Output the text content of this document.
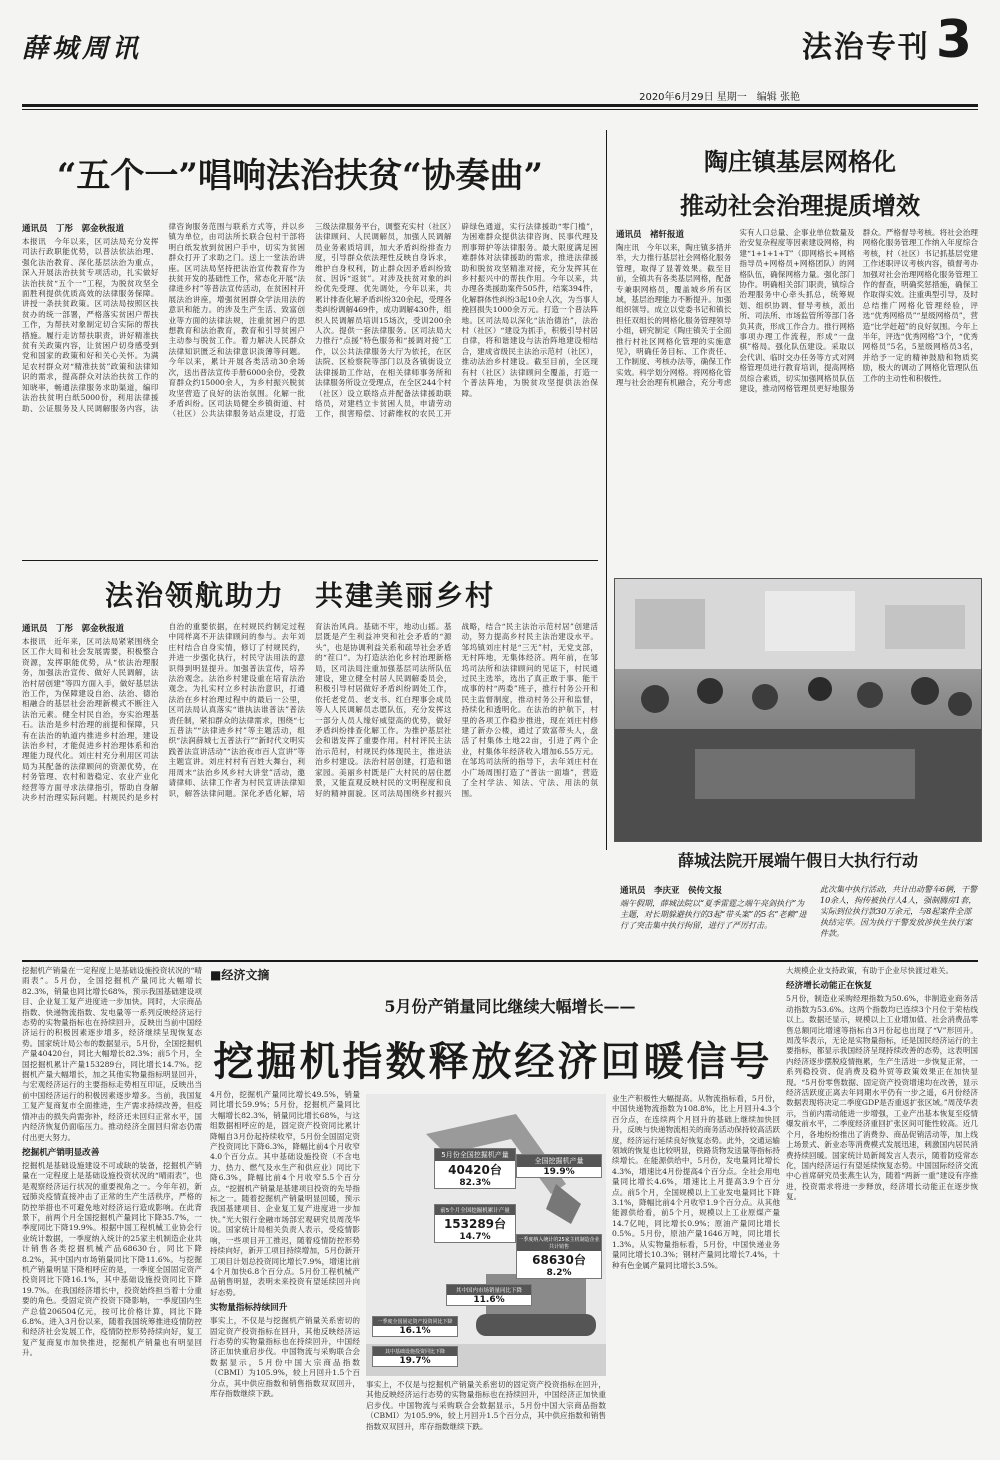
薛城周讯	法治专刊 3
2020年6月29日 星期一　编辑 张艳
“五个一”唱响法治扶贫“协奏曲”
通讯员　丁彤　郭金秋报道
本报讯　今年以来，区司法局充分发挥司法行政职能优势，以普法依法治理、强化法治教育、深化基层法治为重点，深入开展法治扶贫专项活动，扎实做好法治扶贫“五个一”工程，为脱贫攻坚全面胜利提供优质高效的法律服务保障。讲授一条扶贫政策。区司法局按照区扶贫办的统一部署，严格落实贫困户帮扶工作，为帮扶对象制定切合实际的帮扶措施。履行走访帮扶职责，讲好精准扶贫有关政策内容，让贫困户切身感受到党和国家的政策和好和关心关怀。为满足农村群众对“精准扶贫”政策和法律知识的需求，提高群众对法治扶贫工作的知晓率，畅通法律服务求助渠道，编印法治扶贫明白纸5000份，利用法律援助、公证服务及人民调解服务内容，法律咨询服务范围与联系方式等，并以乡镇为单位，由司法所长联合包村干部将明白纸发放到贫困户手中，切实为贫困群众打开了求助之门。送上一堂法治讲座。区司法局坚持把法治宣传教育作为扶贫开发的基础性工作，常态化开展“法律进乡村”等普法宣传活动，在贫困村开展法治讲座，增强贫困群众学法用法的意识和能力。的涉及生产生活、致富创业等方面的法律法规，注重贫困户的思想教育和法治教育，教育和引导贫困户主动参与脱贫工作。着力解决人民群众法律知识匮乏和法律意识淡薄等问题。今年以来，累计开展各类活动30余场次，送出普法宣传手册6000余份，受教育群众约15000余人，为乡村振兴脱贫攻坚营造了良好的法治氛围。化解一批矛盾纠纷。区司法局健全乡镇街道、村（社区）公共法律服务站点建设，打造三级法律服务平台，调整充实村（社区）法律顾问、人民调解员，加强人民调解员业务素质培训，加大矛盾纠纷排查力度，引导群众依法理性反映自身诉求，维护自身权利，防止群众因矛盾纠纷致贫、因诉“返贫”。对涉及扶贫对象的纠纷优先受理、优先调处，今年以来，共累计排查化解矛盾纠纷320余起，受理各类纠纷调解469件，成功调解430件，组织人民调解员培训15场次，受训200余人次。提供一套法律服务。区司法局大力推行“点援”特色服务和“援调对接”工作，以公共法律服务大厅为依托，在区法院、区检察院等部门以及各镇街设立法律援助工作站，在相关律师事务所和法律服务所设立受理点，在全区244个村（社区）设立联络点并配备法律援助联络员，对建档立卡贫困人员，申请劳动工作，损害赔偿、讨薪维权的农民工开辟绿色通道，实行法律援助“零门槛”，为困难群众提供法律咨询、民事代理及刑事辩护等法律服务。最大限度满足困难群体对法律援助的需求，推进法律援助和脱贫攻坚精准对接，充分发挥其在乡村振兴中的帮扶作用。今年以来，共办理各类援助案件505件，结案394件，化解群体性纠纷3起10余人次，为当事人挽回损失1000余万元。打造一个普法阵地。区司法局以深化“法治德治”，法治村（社区）“建设为抓手，积极引导村居自律，将和谐建设与法治阵地建设相结合，建成省级民主法治示范村（社区），推动法治乡村建设。截至目前，全区现有村（社区）法律顾问全覆盖，打造一个普法阵地，为脱贫攻坚提供法治保障。
陶庄镇基层网格化
推动社会治理提质增效
通讯员　褚轩报道
陶庄讯　今年以来，陶庄镇多措并举，大力推行基层社会网格化服务管理，取得了显著效果。截至目前，全镇共有各类基层网格，配备专兼职网格员，覆盖城乡所有区域，基层治理能力不断提升。加强组织领导。成立以党委书记和镇长担任双组长的网格化服务管理领导小组，研究制定《陶庄镇关于全面推行村社区网格化管理的实施意见》，明确任务目标、工作责任、工作制度、考核办法等，确保工作实效。科学划分网格。将网格化管理与社会治理有机融合，充分考虑实有人口总量、企事业单位数量及治安复杂程度等因素建设网格，构建“1+1+1+T”（即网格长+网格指导员+网格员+网格团队）的网格队伍，确保网格力量。强化部门协作。明确相关部门职责，镇综合治理服务中心牵头抓总，统筹规划、组织协调、督导考核，派出所、司法所、市场监管所等部门各负其责，形成工作合力。推行网格事项办理工作流程，形成“一盘棋”格局。强化队伍建设。采取以会代训、临时交办任务等方式对网格管理员进行教育培训，提高网格员综合素质，切实加强网格员队伍建设，推动网格管理员更好地服务群众。严格督导考核。将社会治理网格化服务管理工作纳入年度综合考核，村（社区）书记抓基层党建工作述职评议考核内容，镇督考办加强对社会治理网格化服务管理工作的督查，明确奖惩措施，确保工作取得实效。注重典型引导，及时总结推广网格化管理经验，评选“优秀网格员”“星级网格员”，营造“比学赶超”的良好氛围。今年上半年，评选“优秀网格”3个，“优秀网格员”5名，5星级网格员3名，并给予一定的精神鼓励和物质奖励，极大的调动了网格化管理队伍工作的主动性和积极性。
法治领航助力　共建美丽乡村
通讯员　丁彤　郭金秋报道
本报讯　近年来，区司法局紧紧围绕全区工作大局和社会发展需要，积极整合资源，发挥职能优势，从“依法治理服务，加强法治宣传、做好人民调解，法治村居创建”等四方面入手，做好基层法治工作，为保障建设自治、法治、德治相融合的基层社会治理新模式不断注入法治元素。健全村民自治，夯实治理基石。法治是乡村治理的前提和保障，只有在法治的轨道内推进乡村治理，建设法治乡村，才能促进乡村治理体系和治理能力现代化。刘庄村充分利用区司法局为其配备的法律顾问的资源优势，在村务管理、农村和谐稳定、农业产业化经营等方面寻求法律指引，帮助自身解决乡村治理实际问题。村规民约是乡村自治的重要依据，在村规民约制定过程中同样离不开法律顾问的参与。去年刘庄村结合自身实情，修订了村规民约，并进一步强化执行，村民守法用法的意识得到明显提升。加强普法宣传，培养法治观念。法治乡村建设重在培育法治观念。为扎实村立乡村法治意识，打通法治在乡村治理过程中的最后一公里，区司法局认真落实“谁执法谁普法”普法责任制，紧扣群众的法律需求，围绕“七五普法”“法律进乡村”等主题活动，组织“法润薛城七五普法行”“新时代文明实践普法宣讲活动”“法治夜市百人宣讲”等主题宣讲。刘庄村村有百姓大舞台，利用周末“法治乡风乡村大讲堂”活动，邀请律师、法律工作者为村民宣讲法律知识，解答法律问题。深化矛盾化解，培育法治风尚。基础不牢，地动山摇。基层既是产生利益冲突和社会矛盾的“源头”，也是协调利益关系和疏导社会矛盾的“茬口”。为打造法治化乡村治理新格局，区司法局注重加强基层司法所队伍建设，建立健全村居人民调解委员会，积极引导村居做好矛盾纠纷调处工作，依托老党员、老支书、红白理事会成员等人人民调解员志愿队伍，充分发挥这一部分人员人缘好威望高的优势，做好矛盾纠纷排查化解工作。为推护基层社会和谐发挥了重要作用。村村评民主法治示范村，村规民约体现民主，推进法治乡村建设。法治村居创建，打造和谐家园。美丽乡村既是广大村民的居住愿景，又能直观反映村民的文明程度和良好的精神面貌。区司法局围绕乡村振兴战略，结合“民主法治示范村居”创建活动，努力提高乡村民主法治建设水平。邹坞镇刘庄村是“三无”村，无党支部，无村阵地，无集体经济。两年前，在邹坞司法所和法律顾问的见证下，村民通过民主选举，选出了真正敢于事、能干成事的村“两委”班子，推行村务公开和民主监督制度，推动村务公开和监督，持续化和透明化。在法治的护航下，村里的各项工作稳步推进，现在刘庄村修建了新办公楼，通过了致富带头人，盘活了村集体土地22亩，引进了两个企业，村集体年经济收入增加6.55万元。在邹坞司法所的指导下，去年刘庄村在小广场周围打造了“普法一面墙”，营造了全村学法、知法、守法、用法的氛围。
薛城法院开展端午假日大执行行动
通讯员　李庆亚　侯传文报
端午假期，薛城法院以“夏季雷霆之端午亮剑执行”为主题，对长期躲避执行的3起“带头案”的5名“老赖”进行了突击集中执行拘留，进行了严厉打击。
此次集中执行活动，共计出动警车6辆，干警10余人，拘传被执行人4人，强制腾房1套，实际到位执行款30万余元，与8起案件全部执结完毕。因为执行干警发放涉执生执行案件款。
挖掘机产销量在一定程度上是基础设施投资状况的“晴雨表”。5月份，全国挖掘机产量同比大幅增长82.3%，销量也同比增长68%，预示我国基础建设项目、企业复工复产进度进一步加快。同时，大宗商品指数、快递物流指数、发电量等一系列反映经济运行态势的实物量指标也在持续回升，反映出当前中国经济运行的积极因素逐步增多，经济继续呈现恢复态势。国家统计局公布的数据显示，5月份，全国挖掘机产量40420台，同比大幅增长82.3%；前5个月，全国挖掘机累计产量153289台，同比增长14.7%。挖掘机产量大幅增长，加之其他实物量指标明显回升，与宏观经济运行的主要指标走势相互印证，反映出当前中国经济运行的积极因素逐步增多。当前，我国复工复产复商复市全面推进，生产需求持续改善，但疫情冲击的损失尚需弥补，经济还未回归正常水平，国内经济恢复仍面临压力。推动经济全面回归常态仍需付出更大努力。
挖掘机产销明显改善
挖掘机是基础设施建设不可或缺的装备，挖掘机产销量在一定程度上是基础设施投资状况的“晴雨表”，也是观察经济运行状况的重要视角之一。今年年初，新冠肺炎疫情直接冲击了正常的生产生活秩序，严格的防控举措也不可避免地对经济运行造成影响。在此背景下，前两个月全国挖掘机产量同比下降35.7%，一季度同比下降19.9%。根据中国工程机械工业协会行业统计数据，一季度纳入统计的25家主机制造企业共计销售各类挖掘机械产品68630台，同比下降8.2%，其中国内市场销量同比下降11.6%。与挖掘机产销量明显下降相呼应的是，一季度全国固定资产投资同比下降16.1%，其中基础设施投资同比下降19.7%。在我国经济增长中，投资始终担当着十分重要的角色。受固定资产投资下降影响，一季度国内生产总值206504亿元，按可比价格计算，同比下降6.8%。进入3月份以来，随着我国统筹推进疫情防控和经济社会发展工作，疫情防控形势持续向好，复工复产复商复市加快推进，挖掘机产销量也有明显回升。
■经济文摘
5月份产销量同比继续大幅增长——
挖掘机指数释放经济回暖信号
大规模企业支持政策，有助于企业尽快渡过难关。
经济增长动能正在恢复
5月份，制造业采购经理指数为50.6%，非制造业商务活动指数为53.6%。这两个指数均已连续3个月位于荣枯线以上。数据还显示，规模以上工业增加值、社会消费品零售总额同比增速等指标自3月份起也出现了“V”形回升。周茂华表示，无论是实物量指标，还是国民经济运行的主要指标，都显示我国经济呈现持续改善的态势，这表明国内经济逐步摆脱疫情拖累，生产生活进一步恢复正常，一系列稳投资、促消费及稳外贸等政策效果正在加快显现。“5月份零售数据、固定资产投资增速均在改善，显示经济活跃度正离去年同期水平仍有一步之遥，6月份经济数据表现将决定二季度GDP是否重返扩张区域。”周茂华表示，当前内需动能进一步增强，工业产出基本恢复至疫情爆发前水平，二季度经济重回扩张区间可能性较高。近几个月，各地纷纷推出了消费券、商品促销活动等，加上线上场景式、新业态等消费模式发展迅速，刺激国内居民消费持续回暖。国家统计局新闻发言人表示，随着防疫常态化，国内经济运行有望延续恢复态势。中国国际经济交流中心首席研究员张燕生认为，随着“两新一重”建设有序推进，投资需求将进一步释放，经济增长动能正在逐步恢复。
4月份，挖掘机产量同比增长49.5%，销量同比增长59.9%；5月份，挖掘机产量同比大幅增长82.3%，销量同比增长68%，与这组数据相呼应的是，固定资产投资同比累计降幅自3月份起持续收窄，5月份全国固定资产投资同比下降6.3%，降幅比前4个月收窄4.0个百分点。其中基础设施投资（不含电力、热力、燃气及水生产和供应业）同比下降6.3%，降幅比前4个月收窄5.5个百分点。“挖掘机产销量是基建项目投资的先导指标之一。随着挖掘机产销量明显回暖，预示我国基建项目、企业复工复产进度进一步加快。”光大银行金融市场部宏观研究员周茂华说。国家统计局相关负责人表示，受疫情影响，一些项目开工推迟，随着疫情防控形势持续向好，新开工项目持续增加，5月份新开工项目计划总投资同比增长7.9%，增速比前4个月加快6.8个百分点。5月份工程机械产品销售明显，表明未来投资有望延续回升向好态势。
实物量指标持续回升
事实上，不仅是与挖掘机产销量关系密切的固定资产投资指标在回升，其他反映经济运行态势的实物量指标也在持续回升，中国经济正加快重启步伐。中国物流与采购联合会数据显示，5月份中国大宗商品指数（CBMI）为105.9%，较上月回升1.5个百分点，其中供应指数和销售指数双双回升，库存指数继续下跌。
5月份全国挖掘机产量
40420台
82.3%
前5个月全国挖掘机累计产量
153289台
14.7%	一季度纳入统计的25家主机制造企业共计销售
68630台
8.2%
全国挖掘机产量
19.9%
其中国内市场销量同比下降
11.6%
一季度全国固定资产投资同比下降
16.1%
其中基础设施投资同比下降
19.7%
业生产积极性大幅提高。从物流指标看，5月份，中国快递物流指数为108.8%，比上月回升4.3个百分点，在连续两个月回升的基础上继续加快回升，反映与快递物流相关的商务活动保持较高活跃度，经济运行延续良好恢复态势。此外，交通运输领域的恢复也比较明显，铁路货物发送量等指标持续增长。在能源供给中，5月份，发电量同比增长4.3%，增速比4月份提高4个百分点。全社会用电量同比增长4.6%，增速比上月提高3.9个百分点。前5个月，全国规模以上工业发电量同比下降3.1%，降幅比前4个月收窄1.9个百分点。从其他能源供给看，前5个月，规模以上工业原煤产量14.7亿吨，同比增长0.9%；原油产量同比增长0.5%。5月份，原油产量1646万吨，同比增长1.3%。从实物量指标看，5月份，中国快递业务量同比增长10.3%；钢材产量同比增长7.4%，十种有色金属产量同比增长3.5%。
事实上，不仅是与挖掘机产销量关系密切的固定资产投资指标在回升，其他反映经济运行态势的实物量指标也在持续回升，中国经济正加快重启步伐。中国物流与采购联合会数据显示，5月份中国大宗商品指数（CBMI）为105.9%，较上月回升1.5个百分点，其中供应指数和销售指数双双回升，库存指数继续下跌。
